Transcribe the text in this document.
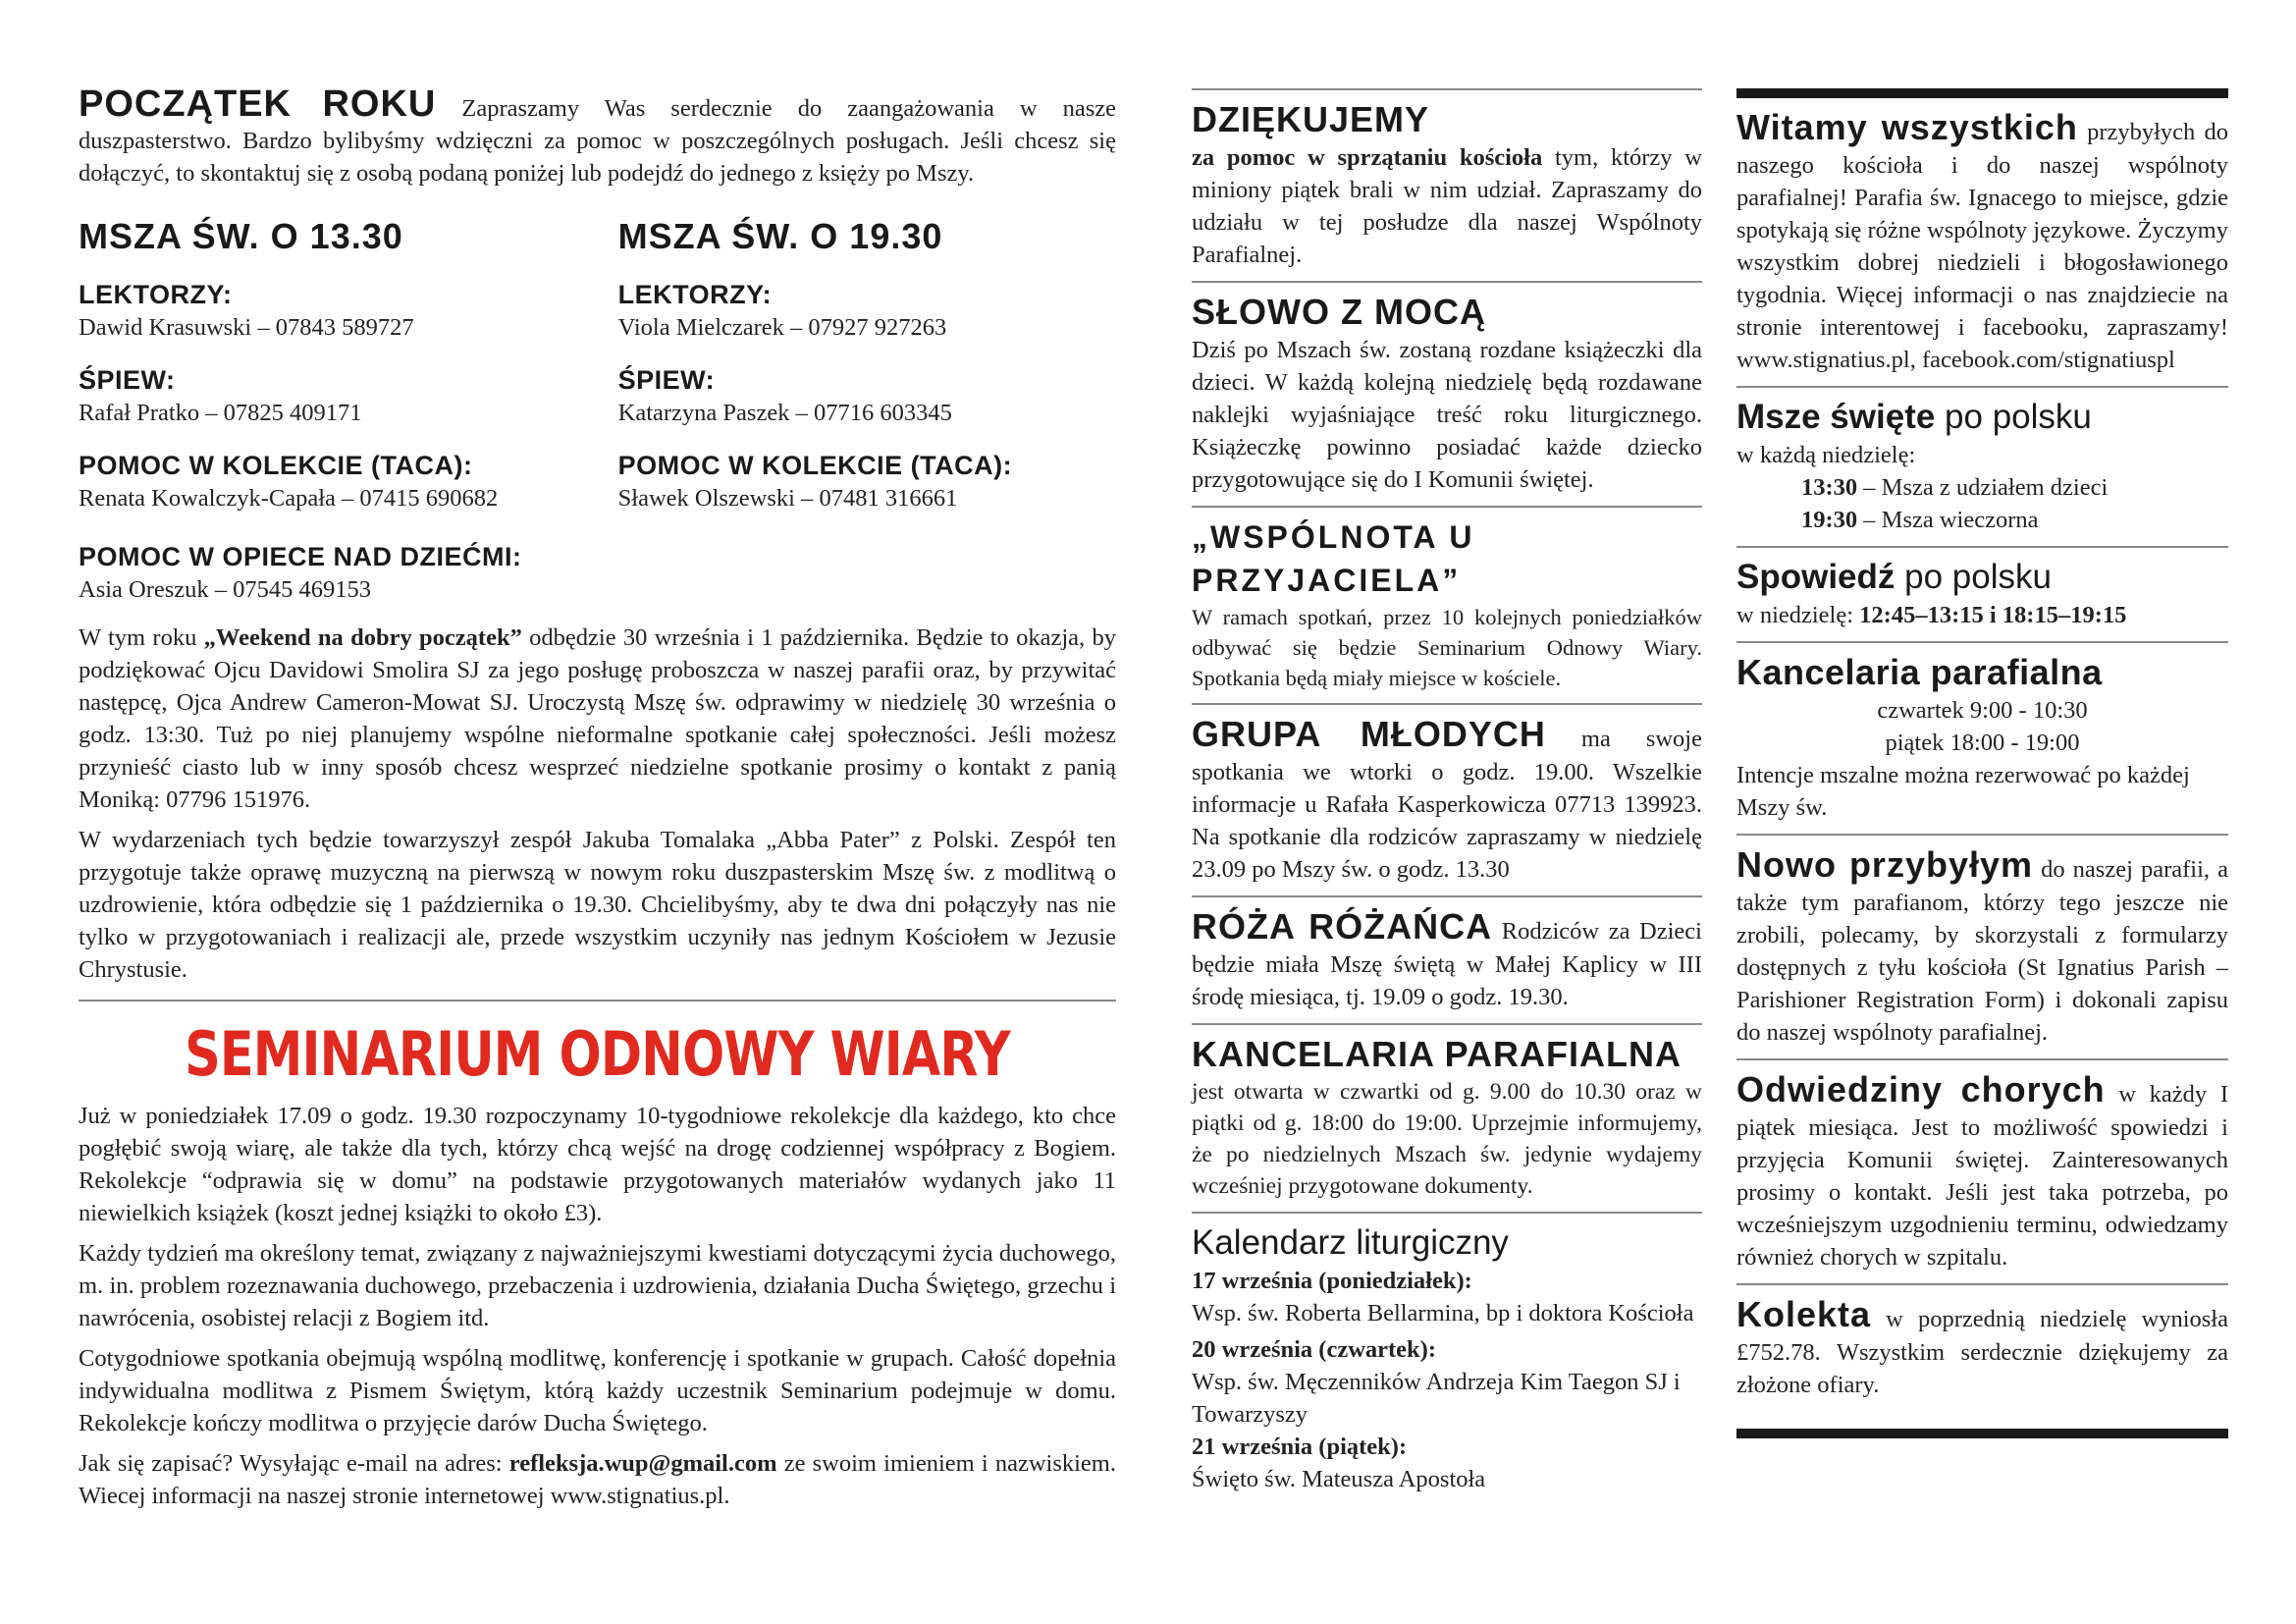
POCZĄTEK ROKU Zapraszamy Was serdecznie do zaangażowania w nasze duszpasterstwo. Bardzo bylibyśmy wdzięczni za pomoc w poszczególnych posługach. Jeśli chcesz się dołączyć, to skontaktuj się z osobą podaną poniżej lub podejdź do jednego z księży po Mszy.

MSZA ŚW. O 13.30
LEKTORZY:

Dawid Krasuwski – 07843 589727

ŚPIEW:

Rafał Pratko – 07825 409171

POMOC W KOLEKCIE (TACA):

Renata Kowalczyk-Capała – 07415 690682

MSZA ŚW. O 19.30
LEKTORZY:

Viola Mielczarek – 07927 927263

ŚPIEW:

Katarzyna Paszek – 07716 603345

POMOC W KOLEKCIE (TACA):

Sławek Olszewski – 07481 316661

POMOC W OPIECE NAD DZIEĆMI:

Asia Oreszuk – 07545 469153

W tym roku „Weekend na dobry początek” odbędzie 30 września i 1 października. Będzie to okazja, by podziękować Ojcu Davidowi Smolira SJ za jego posługę proboszcza w naszej parafii oraz, by przywitać następcę, Ojca Andrew Cameron-Mowat SJ. Uroczystą Mszę św. odprawimy w niedzielę 30 września o godz. 13:30. Tuż po niej planujemy wspólne nieformalne spotkanie całej społeczności. Jeśli możesz przynieść ciasto lub w inny sposób chcesz wesprzeć niedzielne spotkanie prosimy o kontakt z panią Moniką: 07796 151976.

W wydarzeniach tych będzie towarzyszył zespół Jakuba Tomalaka „Abba Pater” z Polski. Zespół ten przygotuje także oprawę muzyczną na pierwszą w nowym roku duszpasterskim Mszę św. z modlitwą o uzdrowienie, która odbędzie się 1 października o 19.30. Chcielibyśmy, aby te dwa dni połączyły nas nie tylko w przygotowaniach i realizacji ale, przede wszystkim uczyniły nas jednym Kościołem w Jezusie Chrystusie.

SEMINARIUM ODNOWY WIARY

Już w poniedziałek 17.09 o godz. 19.30 rozpoczynamy 10-tygodniowe rekolekcje dla każdego, kto chce pogłębić swoją wiarę, ale także dla tych, którzy chcą wejść na drogę codziennej współpracy z Bogiem. Rekolekcje “odprawia się w domu” na podstawie przygotowanych materiałów wydanych jako 11 niewielkich książek (koszt jednej książki to około £3).

Każdy tydzień ma określony temat, związany z najważniejszymi kwestiami dotyczącymi życia duchowego, m. in. problem rozeznawania duchowego, przebaczenia i uzdrowienia, działania Ducha Świętego, grzechu i nawrócenia, osobistej relacji z Bogiem itd.

Cotygodniowe spotkania obejmują wspólną modlitwę, konferencję i spotkanie w grupach. Całość dopełnia indywidualna modlitwa z Pismem Świętym, którą każdy uczestnik Seminarium podejmuje w domu. Rekolekcje kończy modlitwa o przyjęcie darów Ducha Świętego.

Jak się zapisać? Wysyłając e-mail na adres: refleksja.wup@gmail.com ze swoim imieniem i nazwiskiem. Wiecej informacji na naszej stronie internetowej www.stignatius.pl.

DZIĘKUJEMY

za pomoc w sprzątaniu kościoła tym, którzy w miniony piątek brali w nim udział. Zapraszamy do udziału w tej posłudze dla naszej Wspólnoty Parafialnej.

SŁOWO Z MOCĄ

Dziś po Mszach św. zostaną rozdane książeczki dla dzieci. W każdą kolejną niedzielę będą rozdawane naklejki wyjaśniające treść roku liturgicznego. Książeczkę powinno posiadać każde dziecko przygotowujące się do I Komunii świętej.

„WSPÓLNOTA U PRZYJACIELA”

W ramach spotkań, przez 10 kolejnych poniedziałków odbywać się będzie Seminarium Odnowy Wiary. Spotkania będą miały miejsce w kościele.

GRUPA MŁODYCH ma swoje spotkania we wtorki o godz. 19.00. Wszelkie informacje u Rafała Kasperkowicza 07713 139923. Na spotkanie dla rodziców zapraszamy w niedzielę 23.09 po Mszy św. o godz. 13.30

RÓŻA RÓŻAŃCA Rodziców za Dzieci będzie miała Mszę świętą w Małej Kaplicy w III środę miesiąca, tj. 19.09 o godz. 19.30.

KANCELARIA PARAFIALNA

jest otwarta w czwartki od g. 9.00 do 10.30 oraz w piątki od g. 18:00 do 19:00. Uprzejmie informujemy, że po niedzielnych Mszach św. jedynie wydajemy wcześniej przygotowane dokumenty.

Kalendarz liturgiczny

17 września (poniedziałek):

Wsp. św. Roberta Bellarmina, bp i doktora Kościoła

20 września (czwartek):

Wsp. św. Męczenników Andrzeja Kim Taegon SJ i Towarzyszy

21 września (piątek):

Święto św. Mateusza Apostoła

Witamy wszystkich przybyłych do naszego kościoła i do naszej wspólnoty parafialnej! Parafia św. Ignacego to miejsce, gdzie spotykają się różne wspólnoty językowe. Życzymy wszystkim dobrej niedzieli i błogosławionego tygodnia. Więcej informacji o nas znajdziecie na stronie interentowej i facebooku, zapraszamy! www.stignatius.pl, facebook.com/stignatiuspl

Msze święte po polsku

w każdą niedzielę:

13:30 – Msza z udziałem dzieci

19:30 – Msza wieczorna

Spowiedź po polsku

w niedzielę: 12:45–13:15 i 18:15–19:15

Kancelaria parafialna

czwartek 9:00 - 10:30

piątek 18:00 - 19:00

Intencje mszalne można rezerwować po każdej Mszy św.

Nowo przybyłym do naszej parafii, a także tym parafianom, którzy tego jeszcze nie zrobili, polecamy, by skorzystali z formularzy dostępnych z tyłu kościoła (St Ignatius Parish – Parishioner Registration Form) i dokonali zapisu do naszej wspólnoty parafialnej.

Odwiedziny chorych w każdy I piątek miesiąca. Jest to możliwość spowiedzi i przyjęcia Komunii świętej. Zainteresowanych prosimy o kontakt. Jeśli jest taka potrzeba, po wcześniejszym uzgodnieniu terminu, odwiedzamy również chorych w szpitalu.

Kolekta w poprzednią niedzielę wyniosła £752.78. Wszystkim serdecznie dziękujemy za złożone ofiary.
